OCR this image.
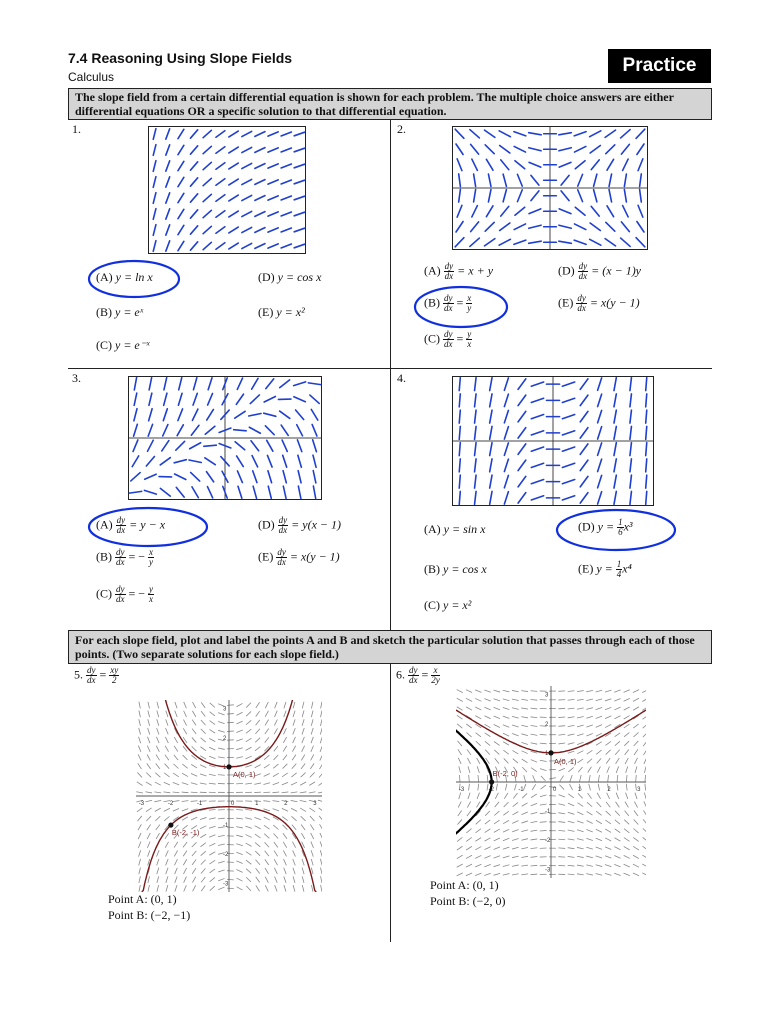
7.4 Reasoning Using Slope Fields
Calculus
Practice
The slope field from a certain differential equation is shown for each problem. The multiple choice answers are either differential equations OR a specific solution to that differential equation.
1.
(A) y = ln x
(B) y = eˣ
(C) y = e⁻ˣ
(D) y = cos x
(E) y = x²
2.
$(A) \frac{dy}{dx} = x + y$
$(B) \frac{dy}{dx} = \frac{x}{y}$
$(C) \frac{dy}{dx} = \frac{y}{x}$
$(D) \frac{dy}{dx} = (x - 1)y$
$(E) \frac{dy}{dx} = x(y - 1)$
3.
$(A) \frac{dy}{dx} = y - x$
$(B) \frac{dy}{dx}$ = − $\frac{x}{y}$
$(C) \frac{dy}{dx}$ = − $\frac{y}{x}$
$(D) \frac{dy}{dx} = y(x - 1)$
$(E) \frac{dy}{dx} = x(y - 1)$
4.
(A) y = sin x
(B) y = cos x
(C) y = x²
(D) $y = \frac{1}{6} x^3$
(E) $y = \frac{1}{4} x^4$
For each slope field, plot and label the points A and B and sketch the particular solution that passes through each of those points. (Two separate solutions for each slope field.)
5. $\frac{dy}{dx} = \frac{xy}{2}$
-3
-3
-2
-2
-1
-1
0	1
1
2
2
3
3
A(0, 1)
B(-2, -1)
Point A: (0, 1)
Point B: (−2, −1)
6. $\frac{dy}{dx} = \frac{x}{2y}$
-3
-3
-2
-2
-1
-1
0	1
1
2
2
3
3
A(0, 1)
B(-2, 0)
Point A: (0, 1)
Point B: (−2, 0)
